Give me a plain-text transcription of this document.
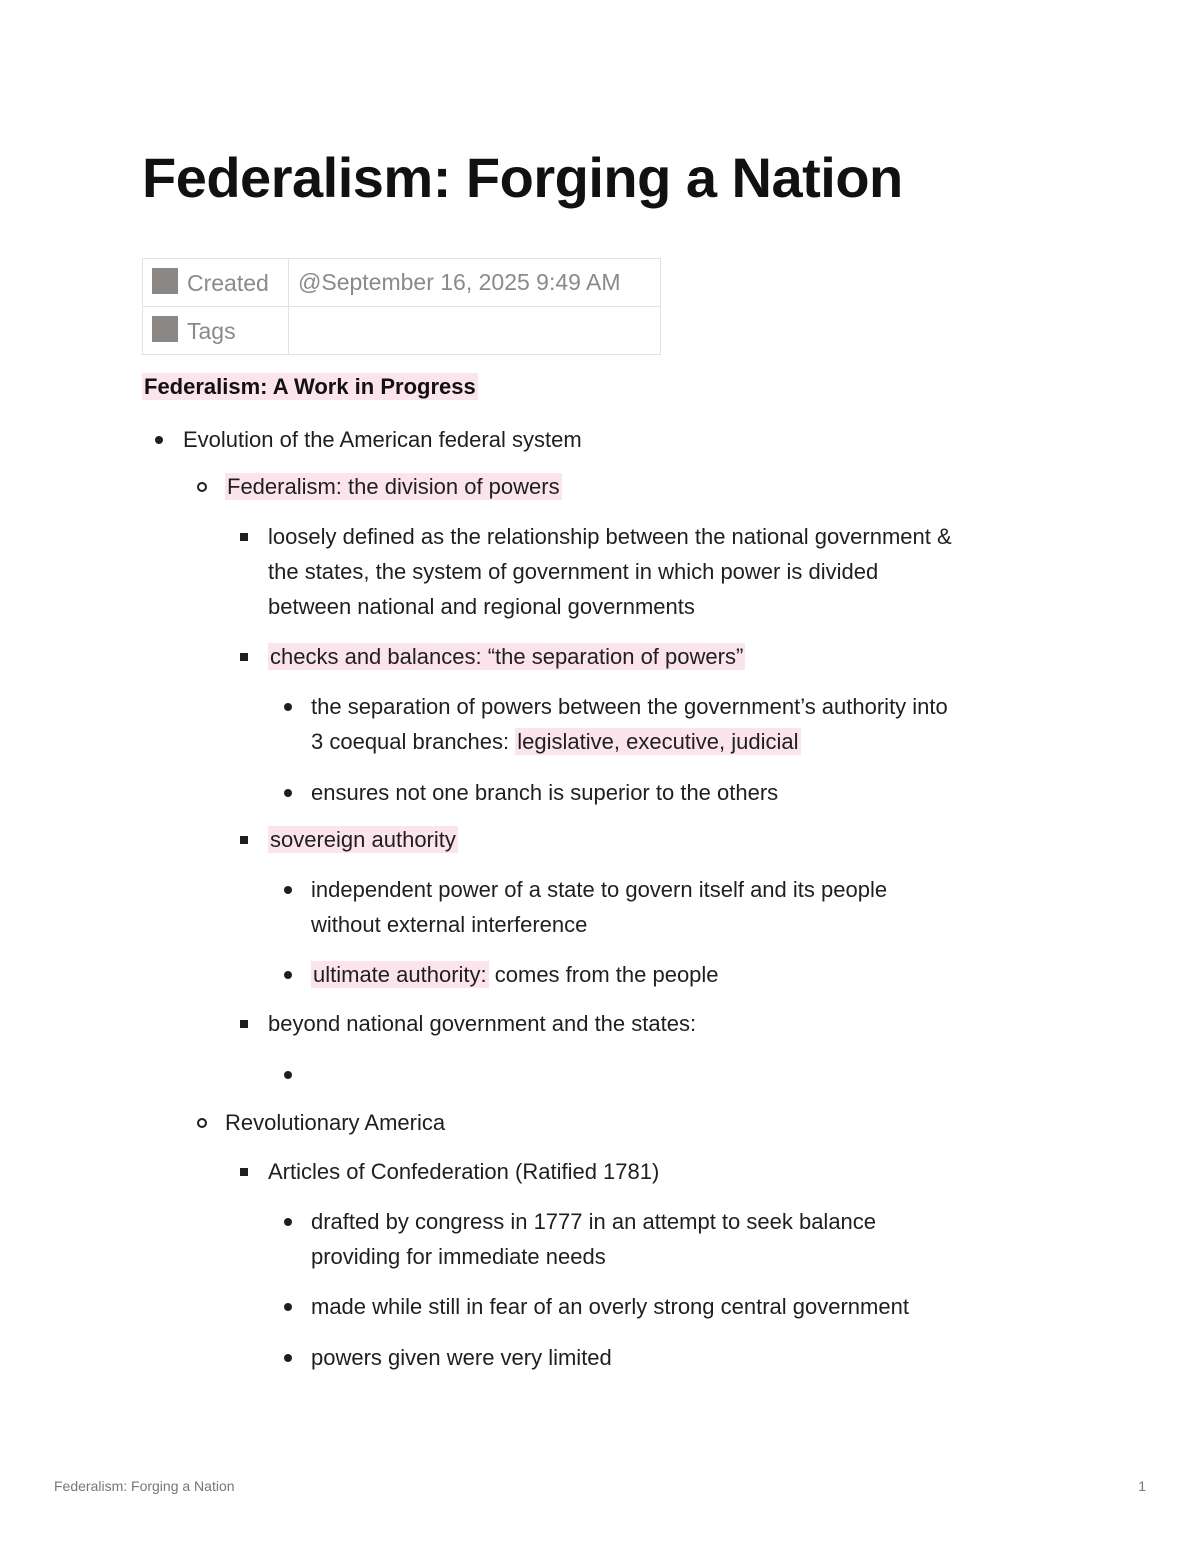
Federalism: Forging a Nation
Created	@September 16, 2025 9:49 AM
Tags	
Federalism: A Work in Progress

Evolution of the American federal system

Federalism: the division of powers

loosely defined as the relationship between the national government &

the states, the system of government in which power is divided

between national and regional governments

checks and balances: “the separation of powers”

the separation of powers between the government’s authority into

3 coequal branches: legislative, executive, judicial

ensures not one branch is superior to the others

sovereign authority

independent power of a state to govern itself and its people

without external interference

ultimate authority: comes from the people

beyond national government and the states:

Revolutionary America

Articles of Confederation (Ratified 1781)

drafted by congress in 1777 in an attempt to seek balance

providing for immediate needs

made while still in fear of an overly strong central government

powers given were very limited

Federalism: Forging a Nation	1
